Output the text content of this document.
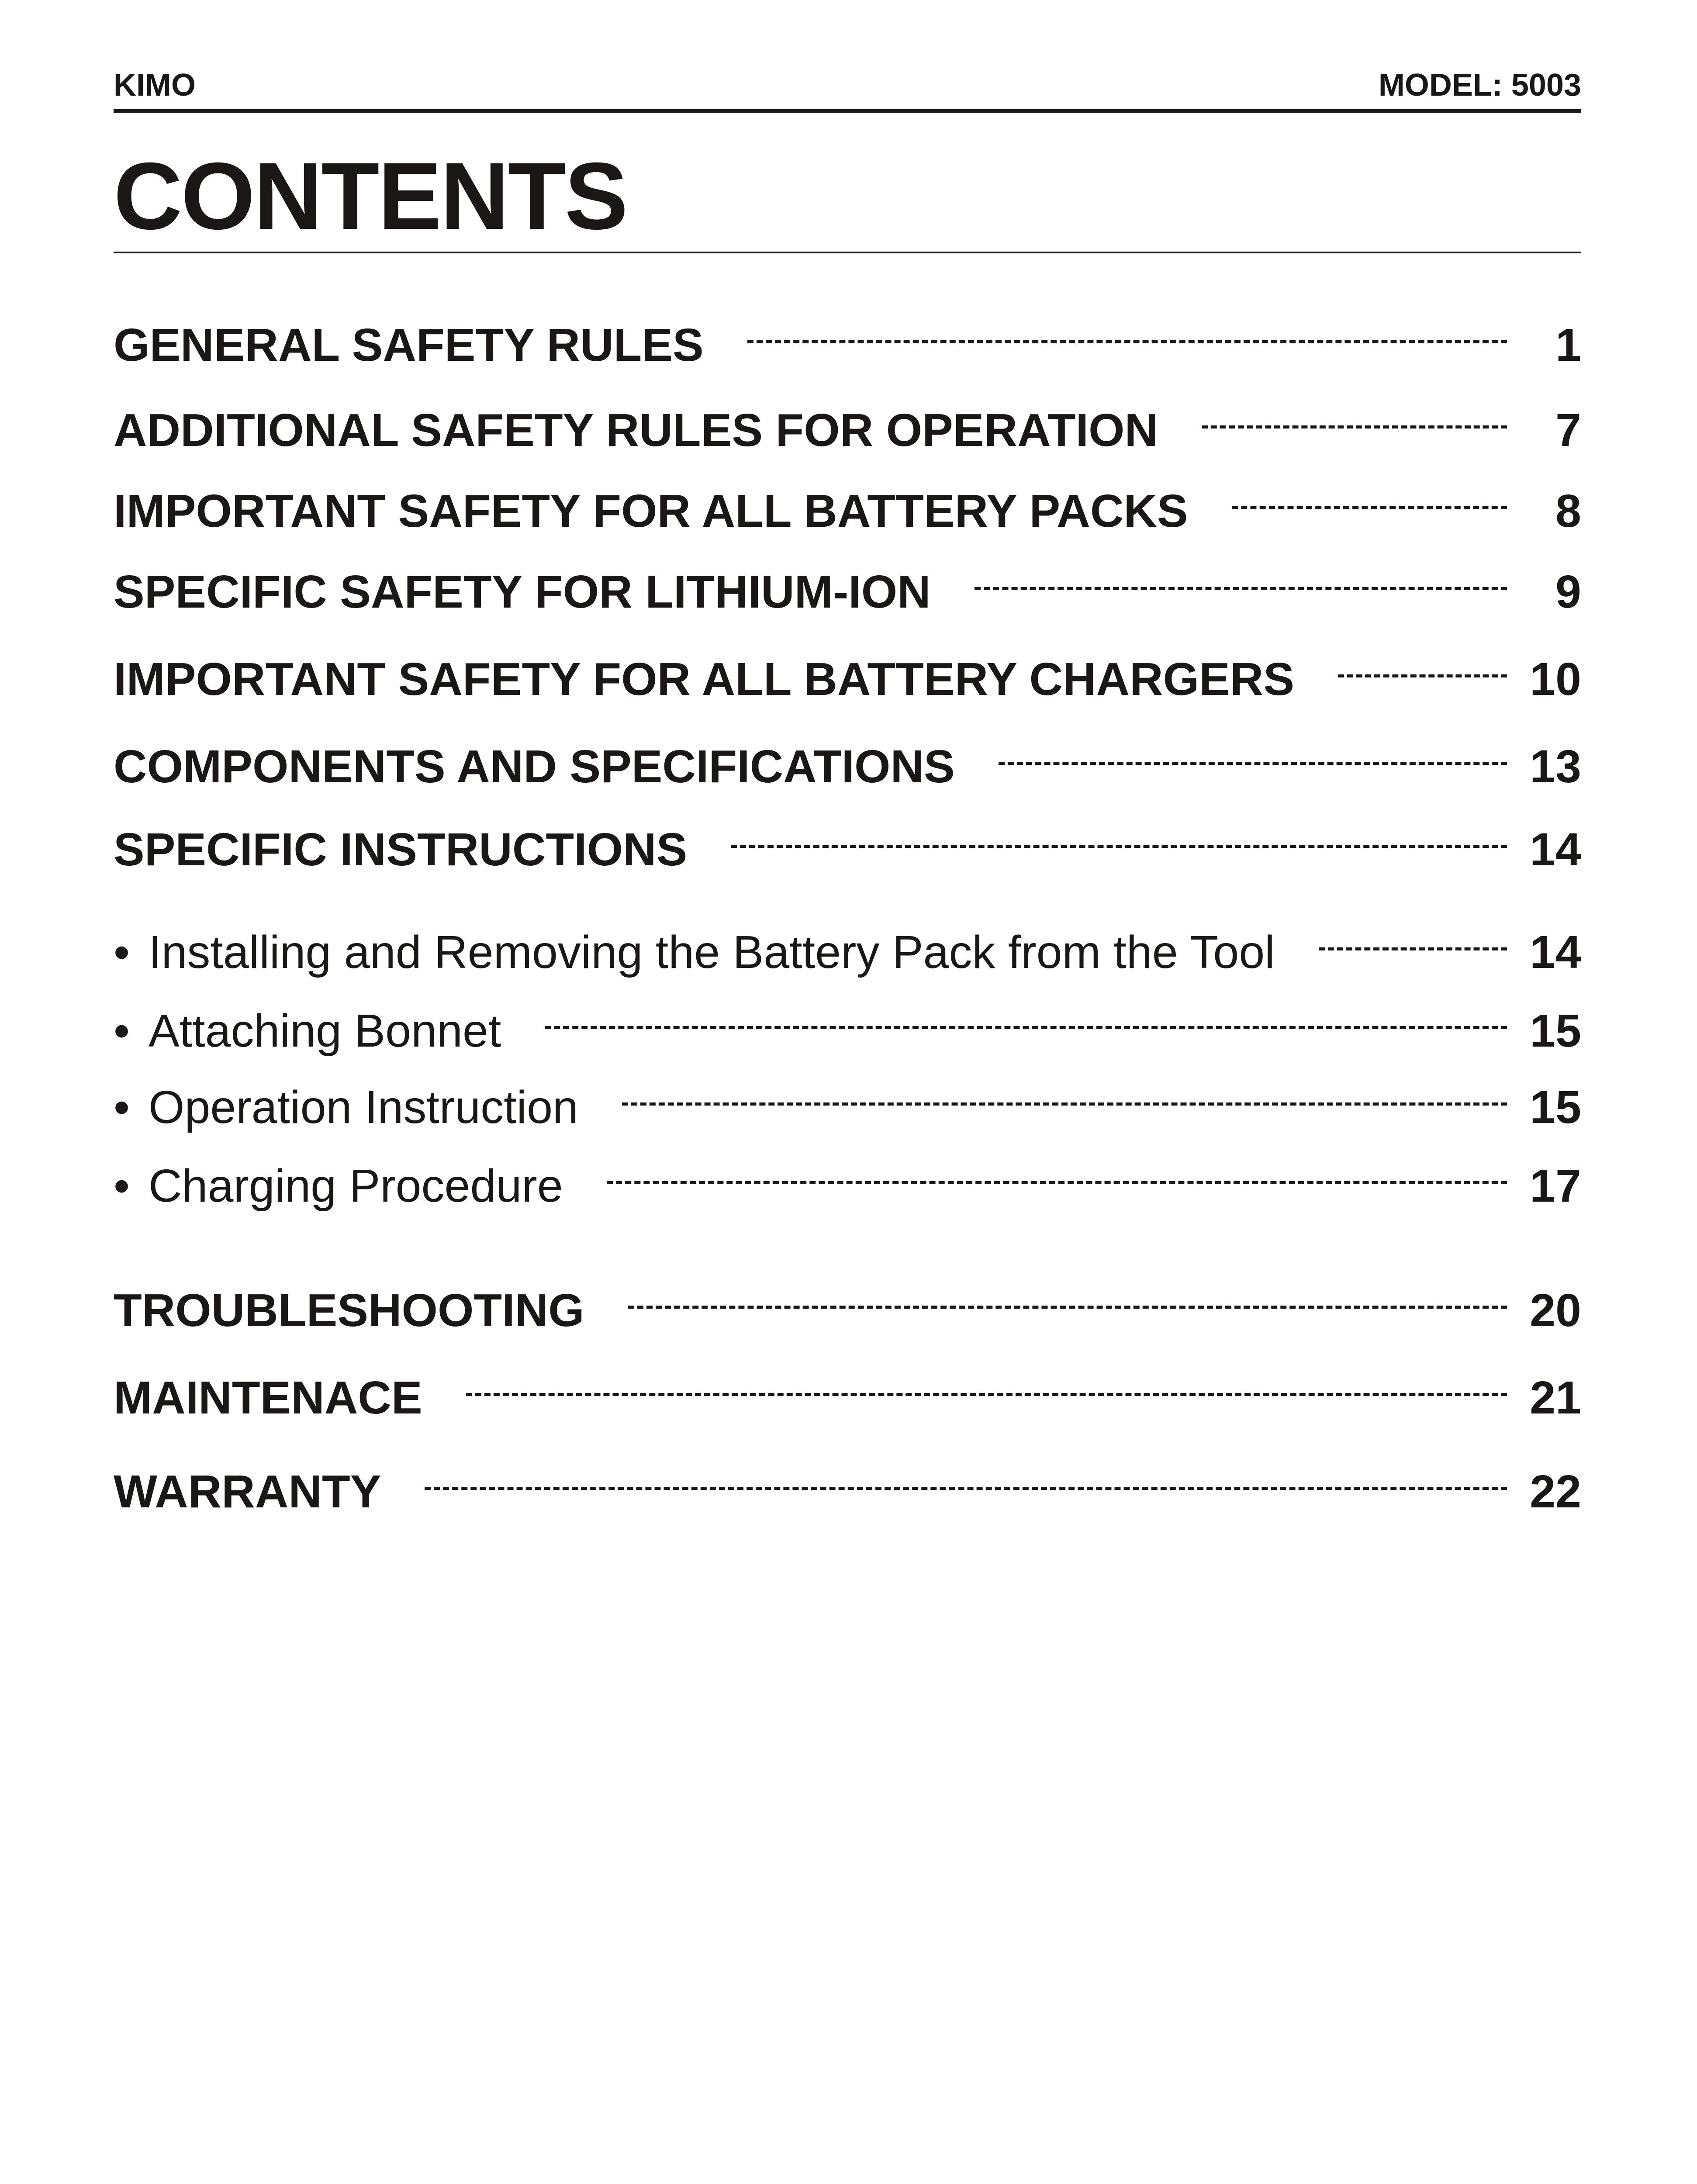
KIMO	MODEL: 5003
CONTENTS
GENERAL SAFETY RULES	1
ADDITIONAL SAFETY RULES FOR OPERATION	7
IMPORTANT SAFETY FOR ALL BATTERY PACKS	8
SPECIFIC SAFETY FOR LITHIUM-ION	9
IMPORTANT SAFETY FOR ALL BATTERY CHARGERS	10
COMPONENTS AND SPECIFICATIONS	13
SPECIFIC INSTRUCTIONS	14
• Installing and Removing the Battery Pack from the Tool	14
• Attaching Bonnet	15
• Operation Instruction	15
• Charging Procedure	17
TROUBLESHOOTING	20
MAINTENACE	21
WARRANTY	22
